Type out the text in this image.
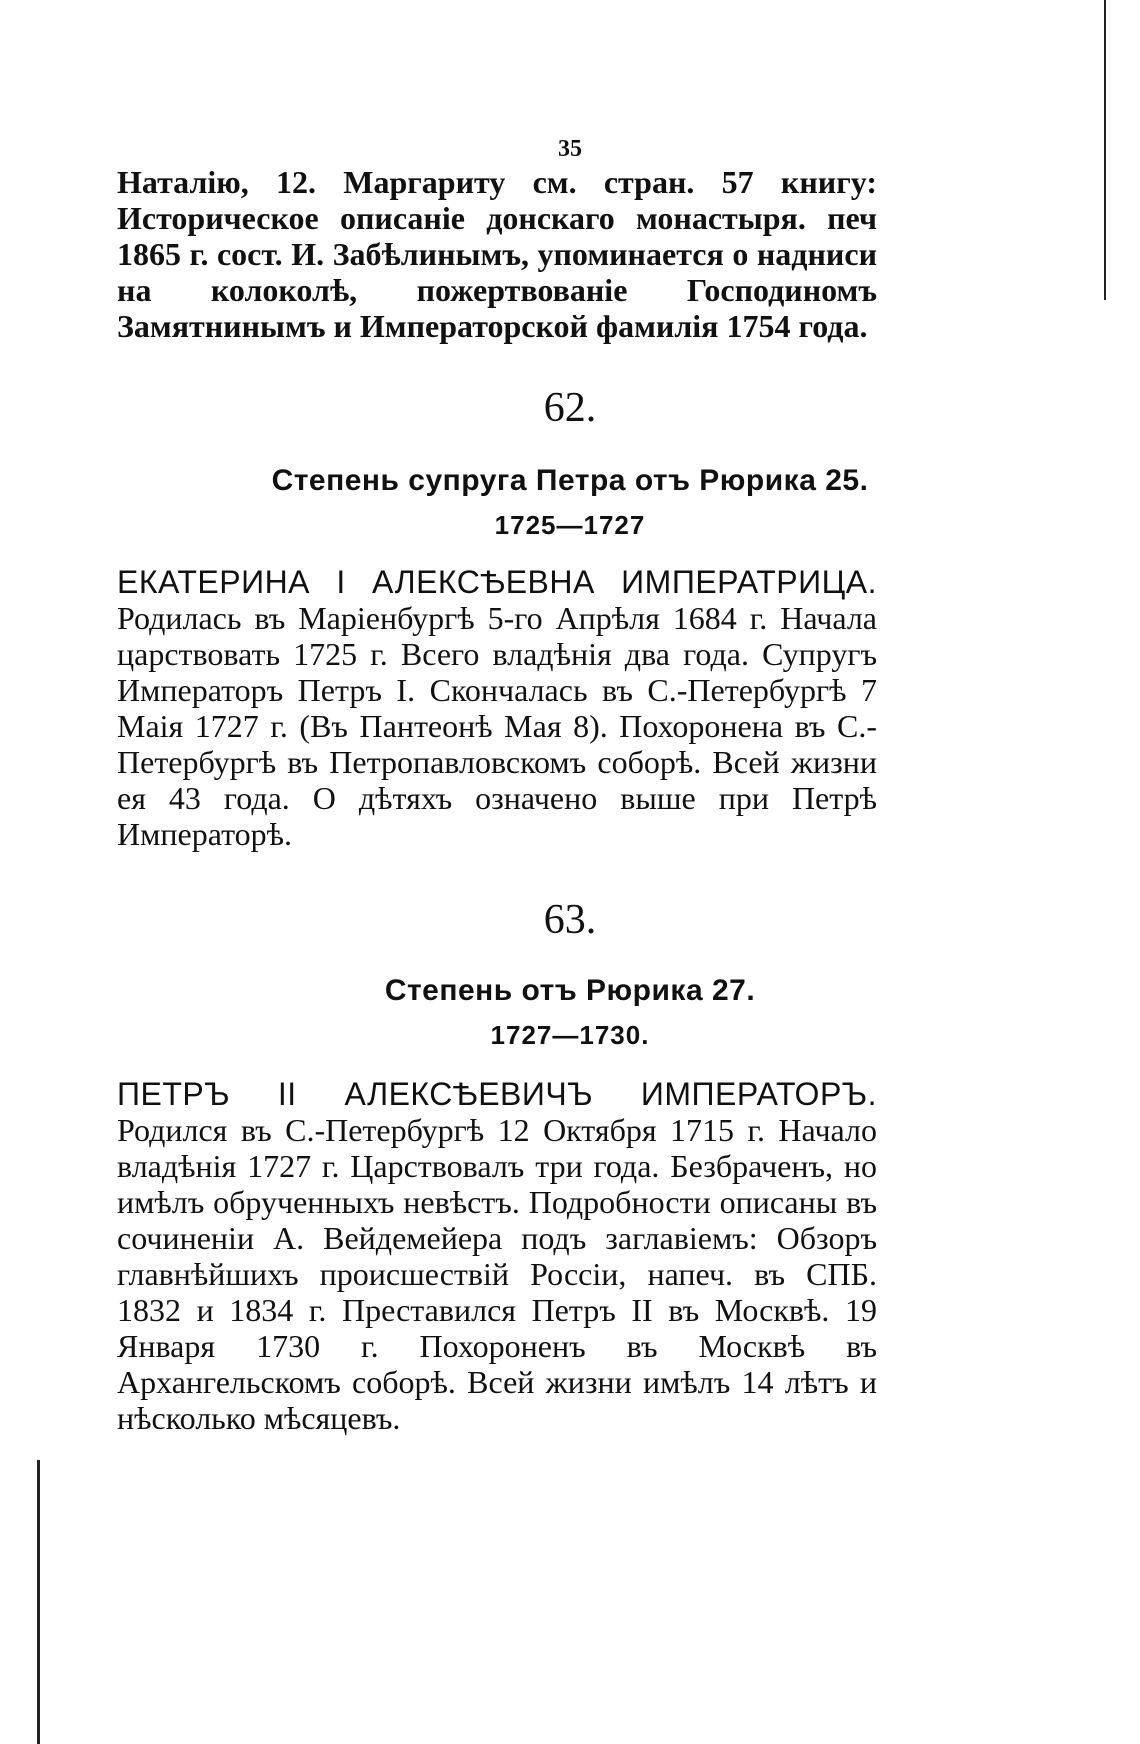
35

Наталію, 12. Маргариту см. стран. 57 книгу: Историческое описаніе донскаго монастыря. печ 1865 г. сост. И. Забѣлинымъ, упоминается о надниси на колоколѣ, пожертвованіе Господиномъ Замятнинымъ и Императорской фамилія 1754 года.

62.
Степень супруга Петра отъ Рюрика 25.
1725—1727

ЕКАТЕРИНА I АЛЕКСѢЕВНА ИМПЕРАТРИЦА. Родилась въ Маріенбургѣ 5-го Апрѣля 1684 г. Начала царствовать 1725 г. Всего владѣнія два года. Супругъ Императоръ Петръ I. Скончалась въ С.-Петербургѣ 7 Маія 1727 г. (Въ Пантеонѣ Мая 8). Похоронена въ С.-Петербургѣ въ Петропавловскомъ соборѣ. Всей жизни ея 43 года. О дѣтяхъ означено выше при Петрѣ Императорѣ.

63.
Степень отъ Рюрика 27.
1727—1730.

ПЕТРЪ II АЛЕКСѢЕВИЧЪ ИМПЕРАТОРЪ. Родился въ С.-Петербургѣ 12 Октября 1715 г. Начало владѣнія 1727 г. Царствовалъ три года. Безбраченъ, но имѣлъ обрученныхъ невѣстъ. Подробности описаны въ сочиненіи А. Вейдемейера подъ заглавіемъ: Обзоръ главнѣйшихъ происшествій Россіи, напеч. въ СПБ. 1832 и 1834 г. Преставился Петръ II въ Москвѣ. 19 Января 1730 г. Похороненъ въ Москвѣ въ Архангельскомъ соборѣ. Всей жизни имѣлъ 14 лѣтъ и нѣсколько мѣсяцевъ.
